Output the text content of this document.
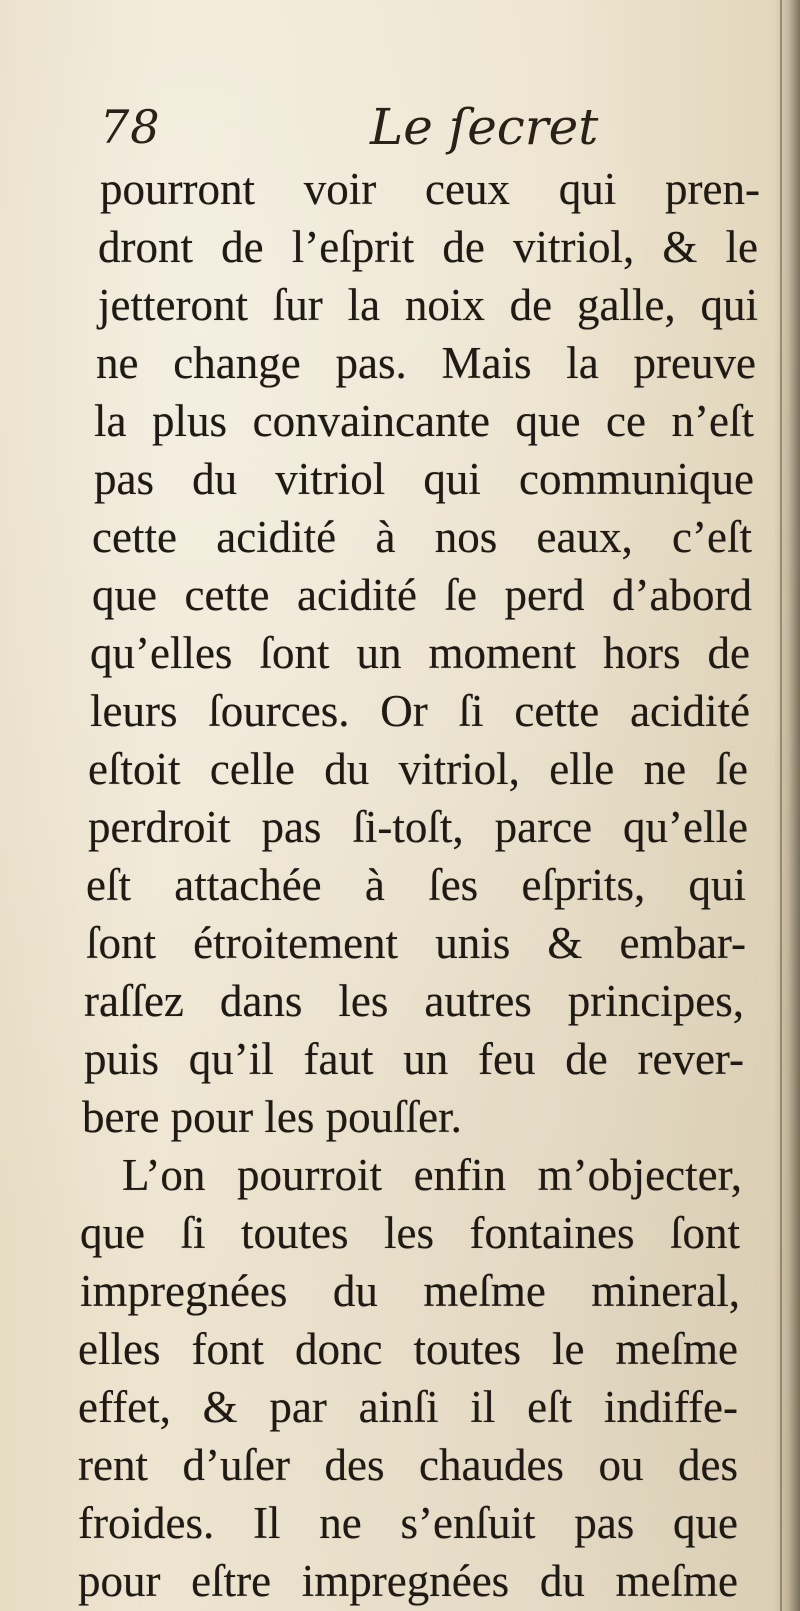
78	Le ſecret
pourront voir ceux qui pren-
dront de l’eſprit de vitriol, & le
jetteront ſur la noix de galle, qui
ne change pas. Mais la preuve
la plus convaincante que ce n’eſt
pas du vitriol qui communique
cette acidité à nos eaux, c’eſt
que cette acidité ſe perd d’abord
qu’elles ſont un moment hors de
leurs ſources. Or ſi cette acidité
eſtoit celle du vitriol, elle ne ſe
perdroit pas ſi-toſt, parce qu’elle
eſt attachée à ſes eſprits, qui
ſont étroitement unis & embar-
raſſez dans les autres principes,
puis qu’il faut un feu de rever-
bere pour les pouſſer.
L’on pourroit enfin m’objecter,
que ſi toutes les fontaines ſont
impregnées du meſme mineral,
elles font donc toutes le meſme
effet, & par ainſi il eſt indiffe-
rent d’uſer des chaudes ou des
froides. Il ne s’enſuit pas que
pour eſtre impregnées du meſme
